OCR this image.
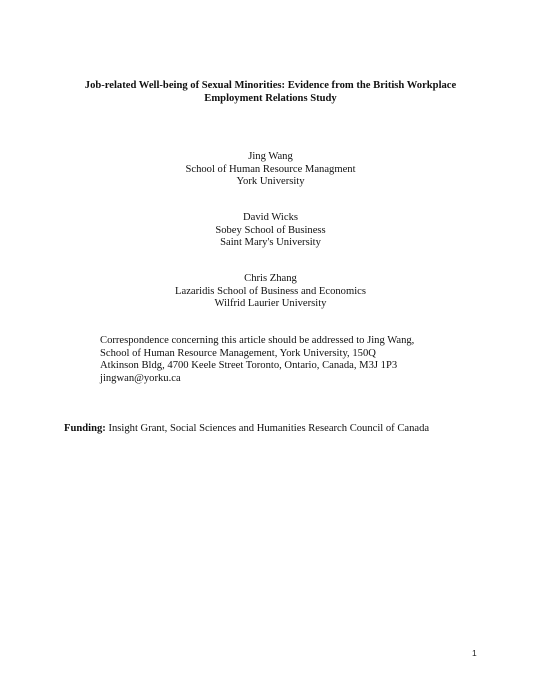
Job-related Well-being of Sexual Minorities: Evidence from the British Workplace
Employment Relations Study
Jing Wang
School of Human Resource Managment
York University
David Wicks
Sobey School of Business
Saint Mary's University
Chris Zhang
Lazaridis School of Business and Economics
Wilfrid Laurier University
Correspondence concerning this article should be addressed to Jing Wang,
School of Human Resource Management, York University, 150Q
Atkinson Bldg, 4700 Keele Street Toronto, Ontario, Canada, M3J 1P3
jingwan@yorku.ca
Funding: Insight Grant, Social Sciences and Humanities Research Council of Canada
1
